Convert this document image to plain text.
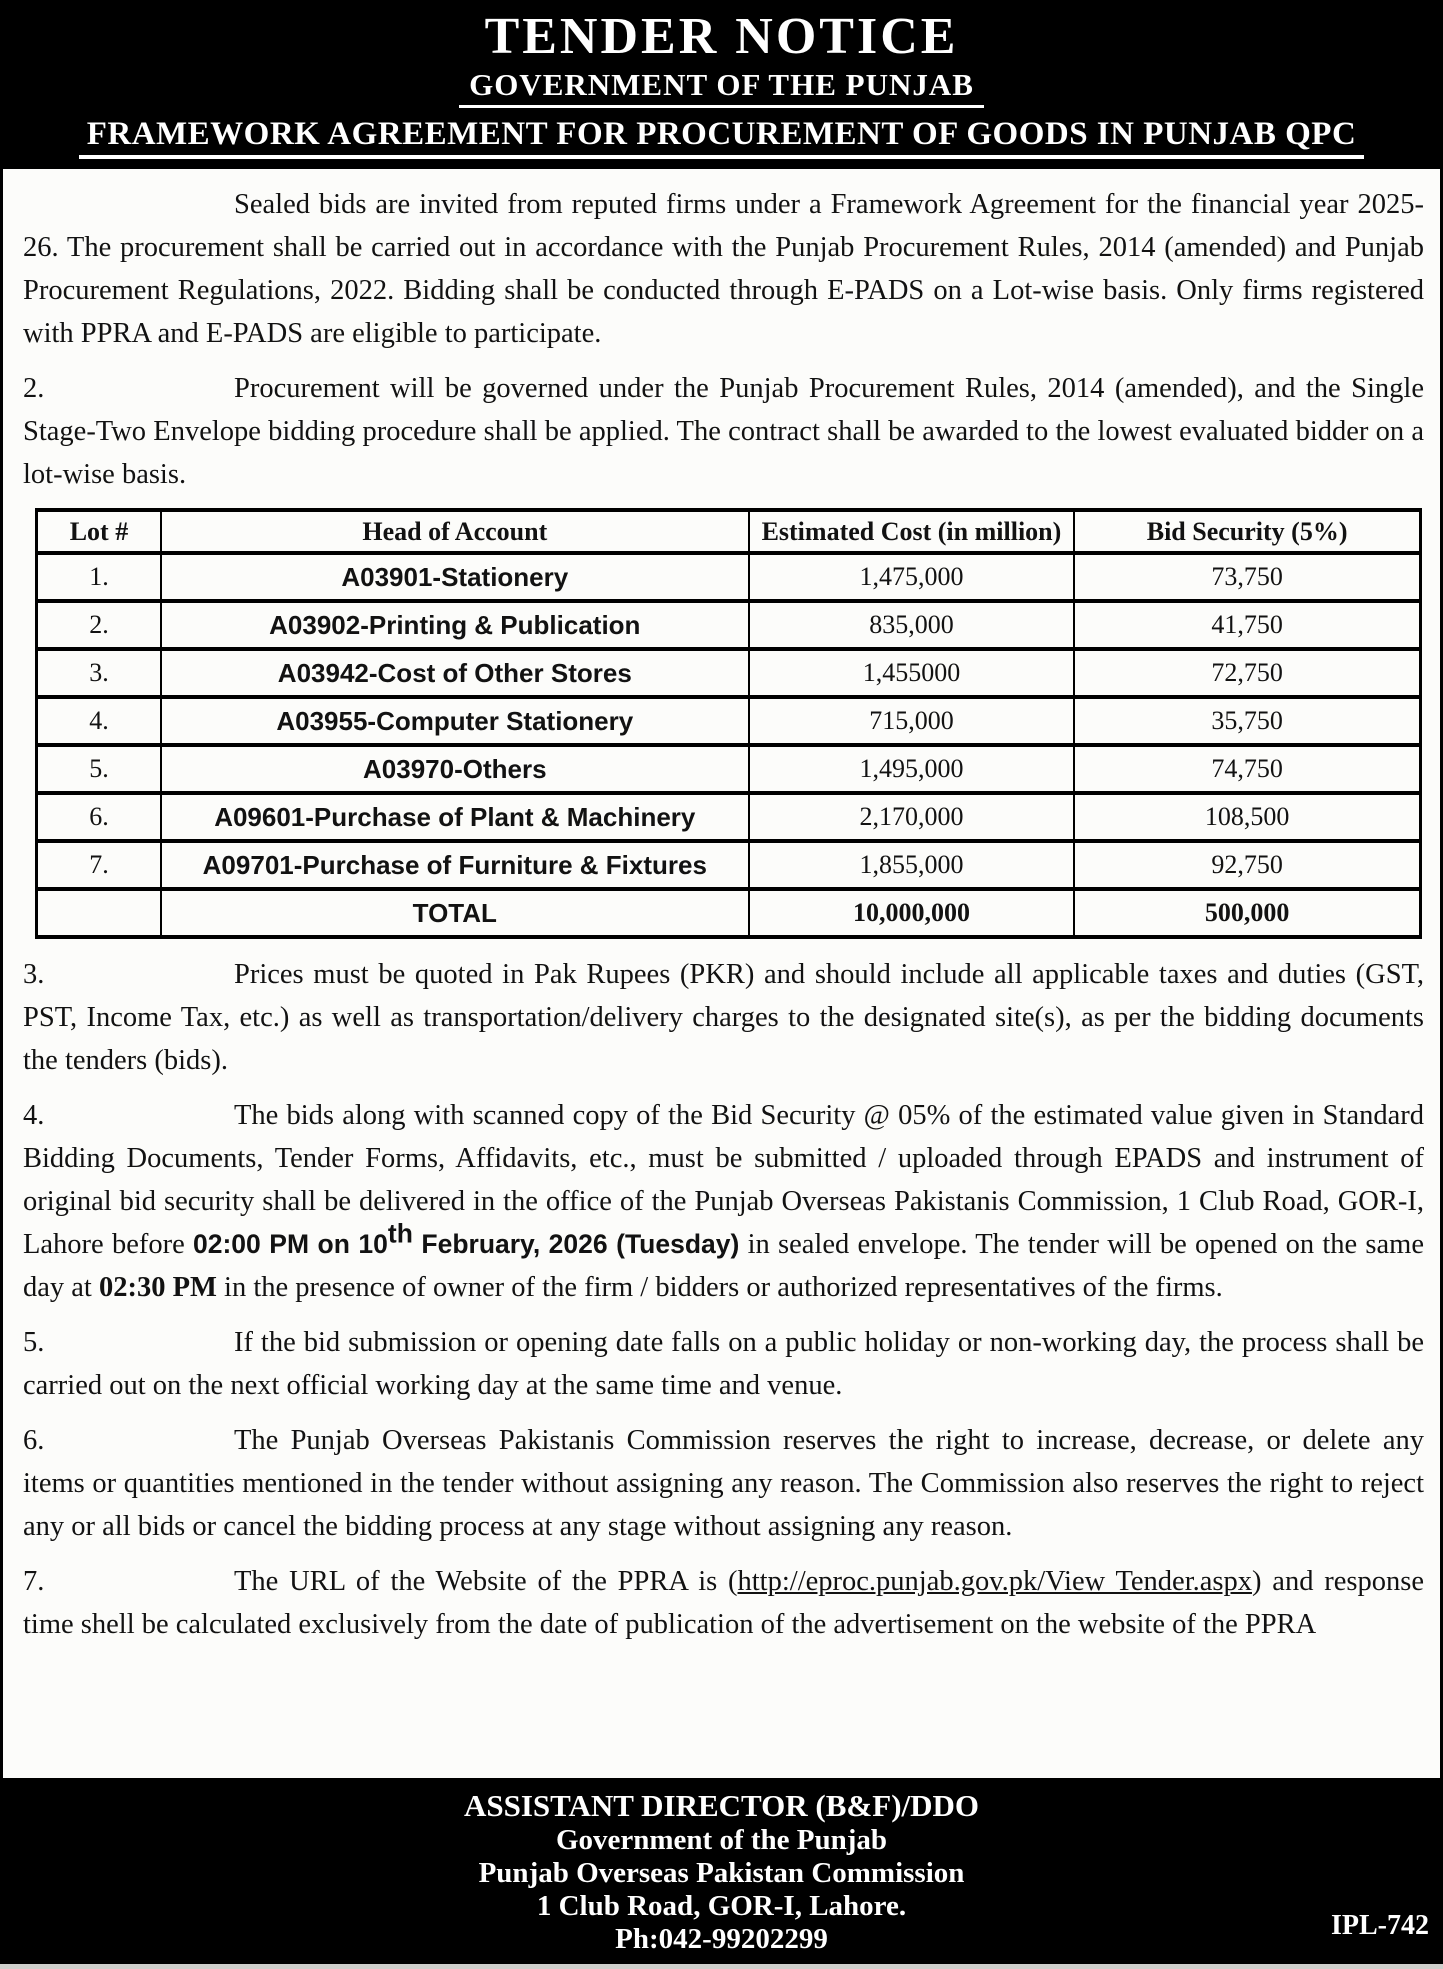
TENDER NOTICE
GOVERNMENT OF THE PUNJAB
FRAMEWORK AGREEMENT FOR PROCUREMENT OF GOODS IN PUNJAB QPC
Sealed bids are invited from reputed firms under a Framework Agreement for the financial year 2025-26. The procurement shall be carried out in accordance with the Punjab Procurement Rules, 2014 (amended) and Punjab Procurement Regulations, 2022. Bidding shall be conducted through E-PADS on a Lot-wise basis. Only firms registered with PPRA and E-PADS are eligible to participate.
2.	Procurement will be governed under the Punjab Procurement Rules, 2014 (amended), and the Single Stage-Two Envelope bidding procedure shall be applied. The contract shall be awarded to the lowest evaluated bidder on a lot-wise basis.
Lot #	Head of Account	Estimated Cost (in million)	Bid Security (5%)
1.	A03901-Stationery	1,475,000	73,750
2.	A03902-Printing & Publication	835,000	41,750
3.	A03942-Cost of Other Stores	1,455000	72,750
4.	A03955-Computer Stationery	715,000	35,750
5.	A03970-Others	1,495,000	74,750
6.	A09601-Purchase of Plant & Machinery	2,170,000	108,500
7.	A09701-Purchase of Furniture & Fixtures	1,855,000	92,750
	TOTAL	10,000,000	500,000
3.	Prices must be quoted in Pak Rupees (PKR) and should include all applicable taxes and duties (GST, PST, Income Tax, etc.) as well as transportation/delivery charges to the designated site(s), as per the bidding documents the tenders (bids).
4.	The bids along with scanned copy of the Bid Security @ 05% of the estimated value given in Standard Bidding Documents, Tender Forms, Affidavits, etc., must be submitted / uploaded through EPADS and instrument of original bid security shall be delivered in the office of the Punjab Overseas Pakistanis Commission, 1 Club Road, GOR-I, Lahore before 02:00 PM on 10th February, 2026 (Tuesday) in sealed envelope. The tender will be opened on the same day at 02:30 PM in the presence of owner of the firm / bidders or authorized representatives of the firms.
5.	If the bid submission or opening date falls on a public holiday or non-working day, the process shall be carried out on the next official working day at the same time and venue.
6.	The Punjab Overseas Pakistanis Commission reserves the right to increase, decrease, or delete any items or quantities mentioned in the tender without assigning any reason. The Commission also reserves the right to reject any or all bids or cancel the bidding process at any stage without assigning any reason.
7.	The URL of the Website of the PPRA is (http://eproc.punjab.gov.pk/View Tender.aspx) and response time shell be calculated exclusively from the date of publication of the advertisement on the website of the PPRA
ASSISTANT DIRECTOR (B&F)/DDO
Government of the Punjab
Punjab Overseas Pakistan Commission
1 Club Road, GOR-I, Lahore.
Ph:042-99202299	IPL-742
